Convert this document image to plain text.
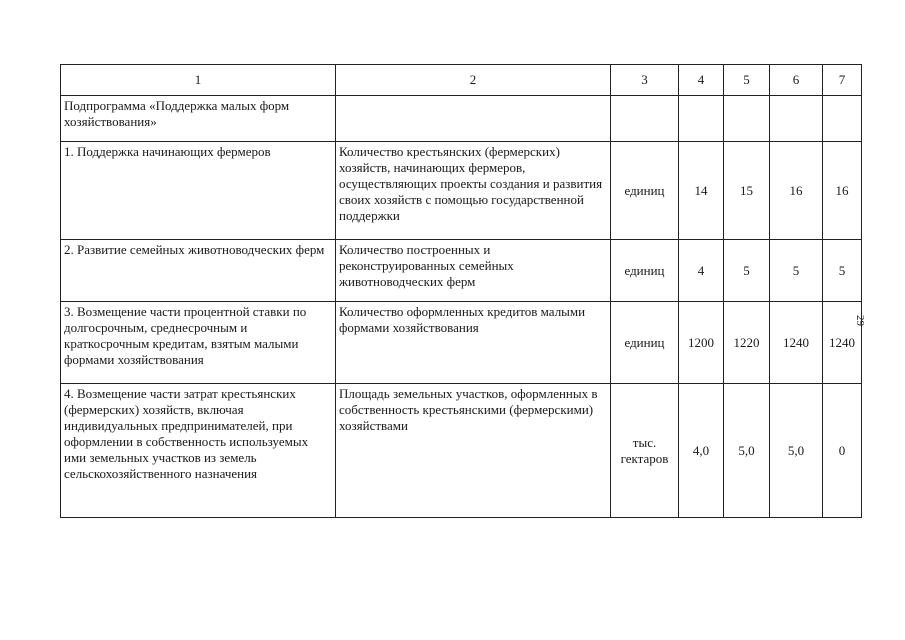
1	2	3	4	5	6	7
Подпрограмма «Поддержка малых форм хозяйствования»						
1. Поддержка начинающих фермеров	Количество крестьянских (фермерских) хозяйств, начинающих фермеров, осуществляющих проекты создания и развития своих хозяйств с помощью государственной поддержки	единиц	14	15	16	16
2. Развитие семейных животноводческих ферм	Количество построенных и реконструированных семейных животноводческих ферм	единиц	4	5	5	5
3. Возмещение части процентной ставки по долгосрочным, среднесрочным и краткосрочным кредитам, взятым малыми формами хозяйствования	Количество оформленных кредитов малыми формами хозяйствования	единиц	1200	1220	1240	1240
4. Возмещение части затрат крестьянских (фермерских) хозяйств, включая индивидуальных предпринимателей, при оформлении в собственность используемых ими земельных участков из земель сельскохозяйственного назначения	Площадь земельных участков, оформленных в собственность крестьянскими (фермерскими) хозяйствами	тыс. гектаров	4,0	5,0	5,0	0
29
